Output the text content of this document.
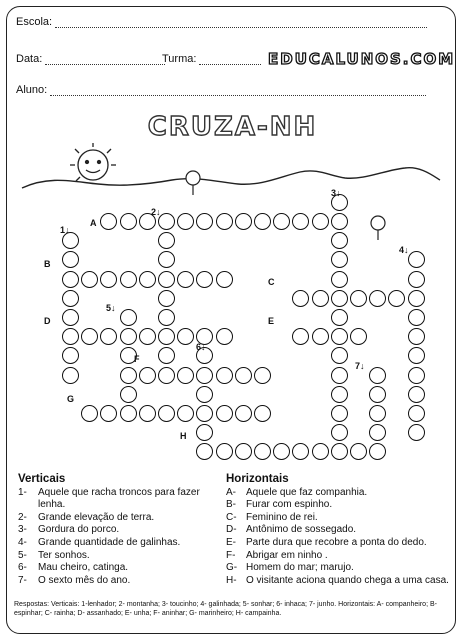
Escola:
Data:	Turma:	EDUCALUNOS.COM
Aluno:
CRUZA-NH
1↓
2↓
3↓
4↓
5↓
6↓
7↓
A
B
C
D	E
F
G
H
Verticais
1-	Aquele que racha troncos para fazer lenha.
2-	Grande elevação de terra.
3-	Gordura do porco.
4-	Grande quantidade de galinhas.
5-	Ter sonhos.
6-	Mau cheiro, catinga.
7-	O sexto mês do ano.
Horizontais
A-	Aquele que faz companhia.
B-	Furar com espinho.
C- Feminino de rei.
D- Antônimo de sossegado.
E-	Parte dura que recobre a ponta do dedo.
F-	Abrigar em ninho .
G- Homem do mar; marujo.
H- O visitante aciona quando chega a uma casa.
Respostas: Verticais: 1-lenhador; 2- montanha; 3- toucinho; 4- galinhada; 5- sonhar; 6- inhaca; 7- junho. Horizontais: A- companheiro; B- espinhar; C- rainha; D- assanhado; E- unha; F- aninhar; G- marinheiro; H- campainha.
